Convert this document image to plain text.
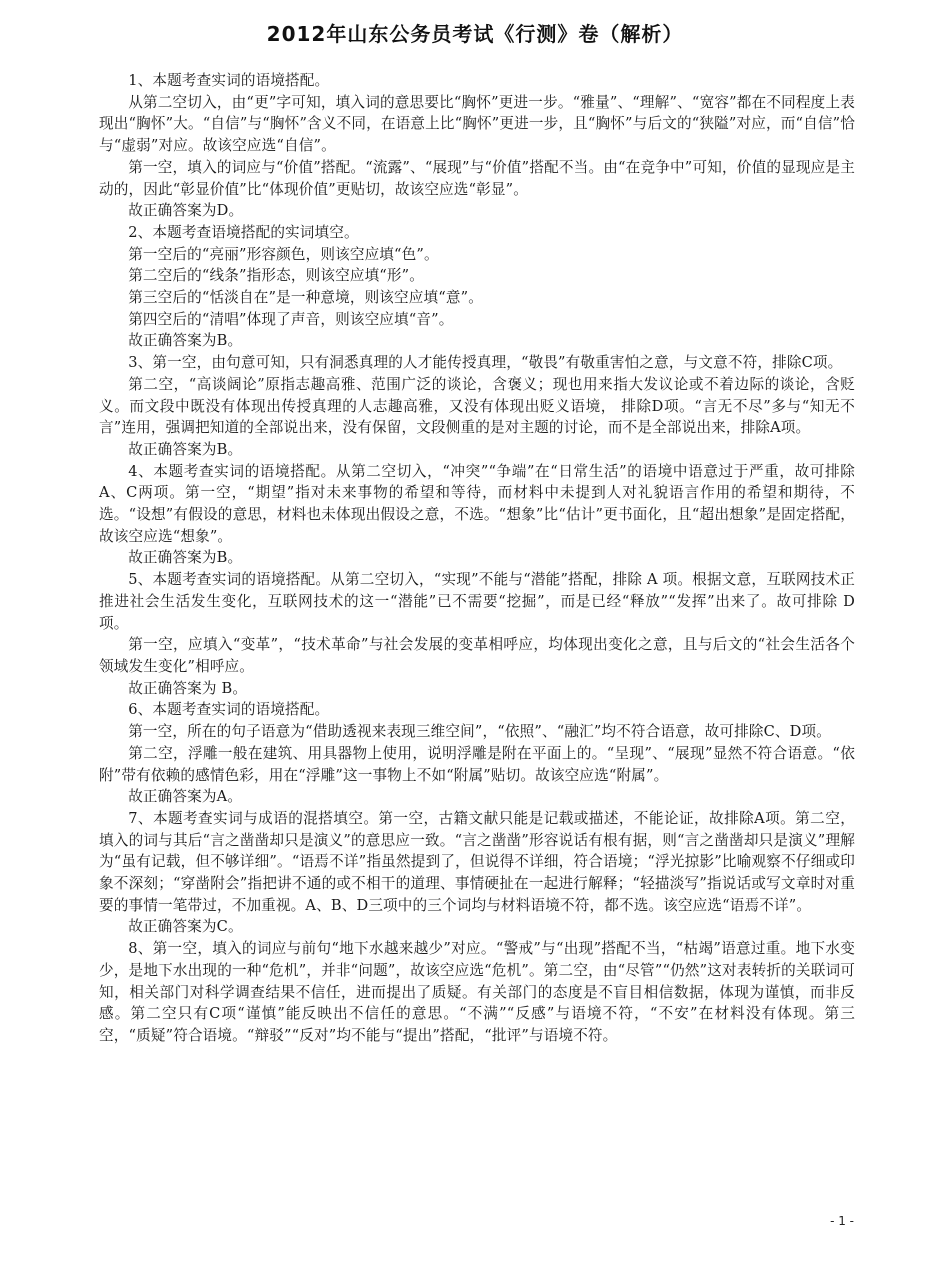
2012年山东公务员考试《行测》卷（解析）

1、本题考查实词的语境搭配。

从第二空切入，由“更”字可知，填入词的意思要比“胸怀”更进一步。“雅量”、“理解”、“宽容”都在不同程度上表现出“胸怀”大。“自信”与“胸怀”含义不同，在语意上比“胸怀”更进一步，且“胸怀”与后文的“狭隘”对应，而“自信”恰与“虚弱”对应。故该空应选“自信”。

第一空，填入的词应与“价值”搭配。“流露”、“展现”与“价值”搭配不当。由“在竞争中”可知，价值的显现应是主动的，因此“彰显价值”比“体现价值”更贴切，故该空应选“彰显”。

故正确答案为D。

2、本题考查语境搭配的实词填空。

第一空后的“亮丽”形容颜色，则该空应填“色”。

第二空后的“线条”指形态，则该空应填“形”。

第三空后的“恬淡自在”是一种意境，则该空应填“意”。

第四空后的“清唱”体现了声音，则该空应填“音”。

故正确答案为B。

3、第一空，由句意可知，只有洞悉真理的人才能传授真理，“敬畏”有敬重害怕之意，与文意不符，排除C项。

第二空，“高谈阔论”原指志趣高雅、范围广泛的谈论，含褒义；现也用来指大发议论或不着边际的谈论，含贬义。而文段中既没有体现出传授真理的人志趣高雅，又没有体现出贬义语境， 排除D项。“言无不尽”多与“知无不言”连用，强调把知道的全部说出来，没有保留，文段侧重的是对主题的讨论，而不是全部说出来，排除A项。

故正确答案为B。

4、本题考查实词的语境搭配。从第二空切入，“冲突”“争端”在“日常生活”的语境中语意过于严重，故可排除A、C两项。第一空，“期望”指对未来事物的希望和等待，而材料中未提到人对礼貌语言作用的希望和期待，不选。“设想”有假设的意思，材料也未体现出假设之意，不选。“想象”比“估计”更书面化，且“超出想象”是固定搭配，故该空应选“想象”。

故正确答案为B。

5、本题考查实词的语境搭配。从第二空切入，“实现”不能与“潜能”搭配，排除 A 项。根据文意，互联网技术正推进社会生活发生变化，互联网技术的这一“潜能”已不需要“挖掘”，而是已经“释放”“发挥”出来了。故可排除 D 项。

第一空，应填入“变革”，“技术革命”与社会发展的变革相呼应，均体现出变化之意，且与后文的“社会生活各个领域发生变化”相呼应。

故正确答案为 B。

6、本题考查实词的语境搭配。

第一空，所在的句子语意为“借助透视来表现三维空间”，“依照”、“融汇”均不符合语意，故可排除C、D项。

第二空，浮雕一般在建筑、用具器物上使用，说明浮雕是附在平面上的。“呈现”、“展现”显然不符合语意。“依附”带有依赖的感情色彩，用在“浮雕”这一事物上不如“附属”贴切。故该空应选“附属”。

故正确答案为A。

7、本题考查实词与成语的混搭填空。第一空，古籍文献只能是记载或描述，不能论证，故排除A项。第二空，填入的词与其后“言之凿凿却只是演义”的意思应一致。“言之凿凿”形容说话有根有据，则“言之凿凿却只是演义”理解为“虽有记载，但不够详细”。“语焉不详”指虽然提到了，但说得不详细，符合语境；“浮光掠影”比喻观察不仔细或印象不深刻；“穿凿附会”指把讲不通的或不相干的道理、事情硬扯在一起进行解释；“轻描淡写”指说话或写文章时对重要的事情一笔带过，不加重视。A、B、D三项中的三个词均与材料语境不符，都不选。该空应选“语焉不详”。

故正确答案为C。

8、第一空，填入的词应与前句“地下水越来越少”对应。“警戒”与“出现”搭配不当，“枯竭”语意过重。地下水变少，是地下水出现的一种“危机”，并非“问题”，故该空应选“危机”。第二空，由“尽管”“仍然”这对表转折的关联词可知，相关部门对科学调查结果不信任，进而提出了质疑。有关部门的态度是不盲目相信数据，体现为谨慎，而非反感。第二空只有C项“谨慎”能反映出不信任的意思。“不满”“反感”与语境不符，“不安”在材料没有体现。第三空，“质疑”符合语境。“辩驳”“反对”均不能与“提出”搭配，“批评”与语境不符。

- 1 -
